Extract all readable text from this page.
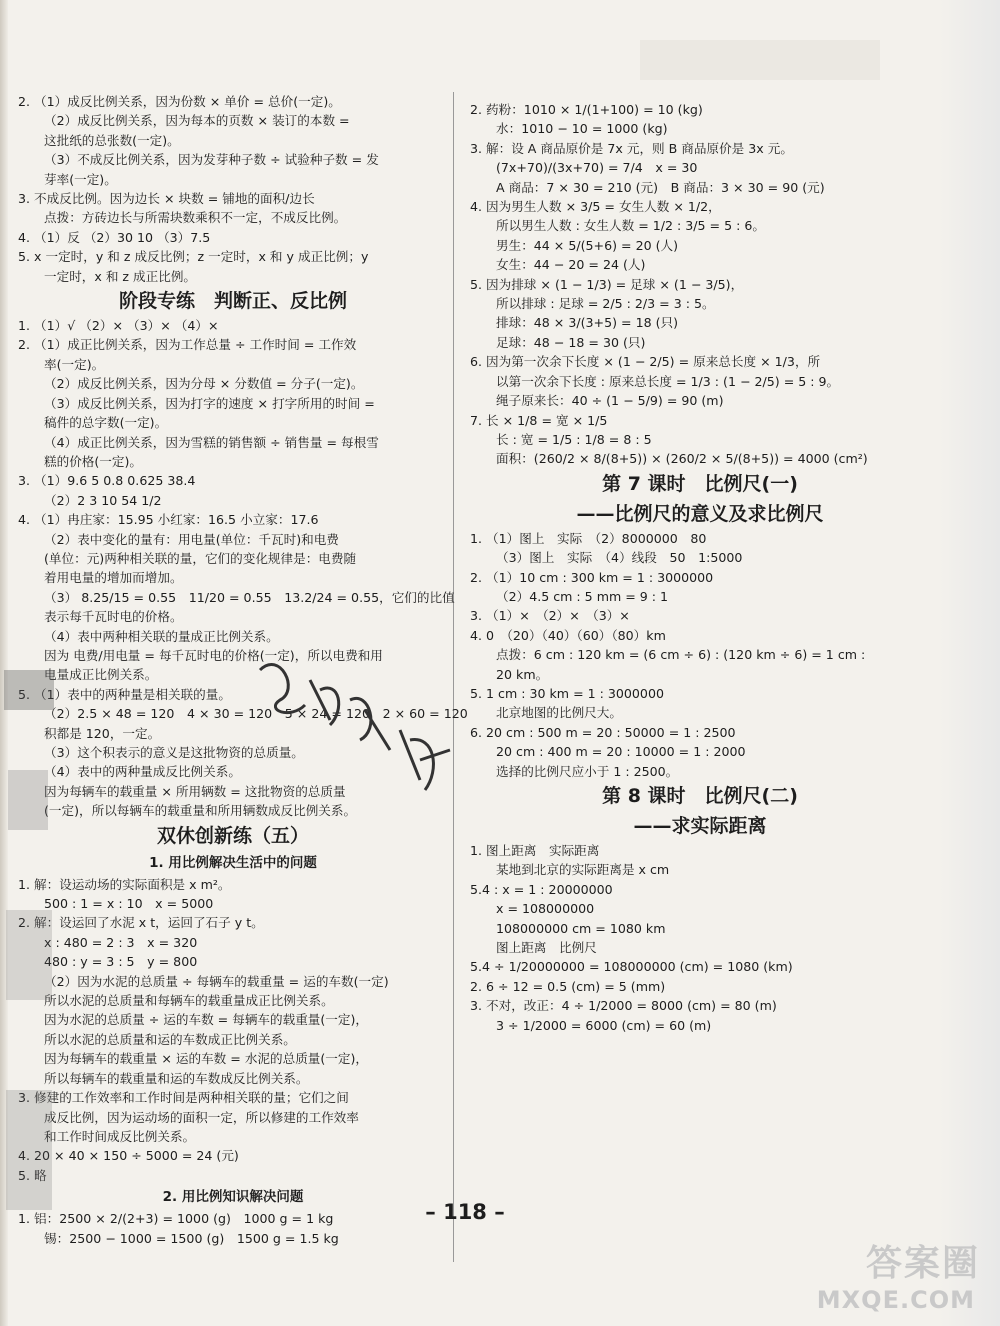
2. （1）成反比例关系，因为份数 × 单价 = 总价(一定)。
（2）成反比例关系，因为每本的页数 × 装订的本数 =
这批纸的总张数(一定)。
（3）不成反比例关系，因为发芽种子数 ÷ 试验种子数 = 发
芽率(一定)。
3. 不成反比例。因为边长 × 块数 = 铺地的面积/边长
点拨：方砖边长与所需块数乘积不一定，不成反比例。
4. （1）反 （2）30 10 （3）7.5
5. x 一定时，y 和 z 成反比例；z 一定时，x 和 y 成正比例；y
一定时，x 和 z 成正比例。
阶段专练　判断正、反比例
1. （1）√ （2）× （3）× （4）×
2. （1）成正比例关系，因为工作总量 ÷ 工作时间 = 工作效
率(一定)。
（2）成反比例关系，因为分母 × 分数值 = 分子(一定)。
（3）成反比例关系，因为打字的速度 × 打字所用的时间 =
稿件的总字数(一定)。
（4）成正比例关系，因为雪糕的销售额 ÷ 销售量 = 每根雪
糕的价格(一定)。
3. （1）9.6 5 0.8 0.625 38.4
（2）2 3 10 54 1/2
4. （1）冉庄家：15.95 小红家：16.5 小立家：17.6
（2）表中变化的量有：用电量(单位：千瓦时)和电费
(单位：元)两种相关联的量，它们的变化规律是：电费随
着用电量的增加而增加。
（3） 8.25/15 = 0.55　11/20 = 0.55　13.2/24 = 0.55，它们的比值
表示每千瓦时电的价格。
（4）表中两种相关联的量成正比例关系。
因为 电费/用电量 = 每千瓦时电的价格(一定)，所以电费和用
电量成正比例关系。
5. （1）表中的两种量是相关联的量。
（2）2.5 × 48 = 120　4 × 30 = 120　5 × 24 = 120　2 × 60 = 120
积都是 120，一定。
（3）这个积表示的意义是这批物资的总质量。
（4）表中的两种量成反比例关系。
因为每辆车的载重量 × 所用辆数 = 这批物资的总质量
(一定)，所以每辆车的载重量和所用辆数成反比例关系。
双休创新练（五）
1. 用比例解决生活中的问题
1. 解：设运动场的实际面积是 x m²。
500 : 1 = x : 10　x = 5000
2. 解：设运回了水泥 x t，运回了石子 y t。
x : 480 = 2 : 3　x = 320
480 : y = 3 : 5　y = 800
（2）因为水泥的总质量 ÷ 每辆车的载重量 = 运的车数(一定)
所以水泥的总质量和每辆车的载重量成正比例关系。
因为水泥的总质量 ÷ 运的车数 = 每辆车的载重量(一定)，
所以水泥的总质量和运的车数成正比例关系。
因为每辆车的载重量 × 运的车数 = 水泥的总质量(一定)，
所以每辆车的载重量和运的车数成反比例关系。
3. 修建的工作效率和工作时间是两种相关联的量；它们之间
成反比例，因为运动场的面积一定，所以修建的工作效率
和工作时间成反比例关系。
4. 20 × 40 × 150 ÷ 5000 = 24 (元)
5. 略
2. 用比例知识解决问题
1. 铝：2500 × 2/(2+3) = 1000 (g)　1000 g = 1 kg
锡：2500 − 1000 = 1500 (g)　1500 g = 1.5 kg
2. 药粉：1010 × 1/(1+100) = 10 (kg)
水：1010 − 10 = 1000 (kg)
3. 解：设 A 商品原价是 7x 元，则 B 商品原价是 3x 元。
(7x+70)/(3x+70) = 7/4　x = 30
A 商品：7 × 30 = 210 (元)　B 商品：3 × 30 = 90 (元)
4. 因为男生人数 × 3/5 = 女生人数 × 1/2，
所以男生人数 : 女生人数 = 1/2 : 3/5 = 5 : 6。
男生：44 × 5/(5+6) = 20 (人)
女生：44 − 20 = 24 (人)
5. 因为排球 × (1 − 1/3) = 足球 × (1 − 3/5)，
所以排球 : 足球 = 2/5 : 2/3 = 3 : 5。
排球：48 × 3/(3+5) = 18 (只)
足球：48 − 18 = 30 (只)
6. 因为第一次余下长度 × (1 − 2/5) = 原来总长度 × 1/3，所
以第一次余下长度 : 原来总长度 = 1/3 : (1 − 2/5) = 5 : 9。
绳子原来长：40 ÷ (1 − 5/9) = 90 (m)
7. 长 × 1/8 = 宽 × 1/5
长 : 宽 = 1/5 : 1/8 = 8 : 5
面积：(260/2 × 8/(8+5)) × (260/2 × 5/(8+5)) = 4000 (cm²)
第 7 课时　比例尺(一)
——比例尺的意义及求比例尺
1. （1）图上　实际　（2）8000000　80
（3）图上　实际　（4）线段　50　1:5000
2. （1）10 cm : 300 km = 1 : 3000000
（2）4.5 cm : 5 mm = 9 : 1
3. （1）×　（2）×　（3）×
4. 0　（20）（40）（60）（80）km
点拨：6 cm : 120 km = (6 cm ÷ 6) : (120 km ÷ 6) = 1 cm :
20 km。
5. 1 cm : 30 km = 1 : 3000000
北京地图的比例尺大。
6. 20 cm : 500 m = 20 : 50000 = 1 : 2500
20 cm : 400 m = 20 : 10000 = 1 : 2000
选择的比例尺应小于 1 : 2500。
第 8 课时　比例尺(二)
——求实际距离
1. 图上距离　实际距离
某地到北京的实际距离是 x cm
5.4 : x = 1 : 20000000
x = 108000000
108000000 cm = 1080 km
图上距离　比例尺
5.4 ÷ 1/20000000 = 108000000 (cm) = 1080 (km)
2. 6 ÷ 12 = 0.5 (cm) = 5 (mm)
3. 不对，改正：4 ÷ 1/2000 = 8000 (cm) = 80 (m)
3 ÷ 1/2000 = 6000 (cm) = 60 (m)
– 118 –
答案圈
MXQE.COM
